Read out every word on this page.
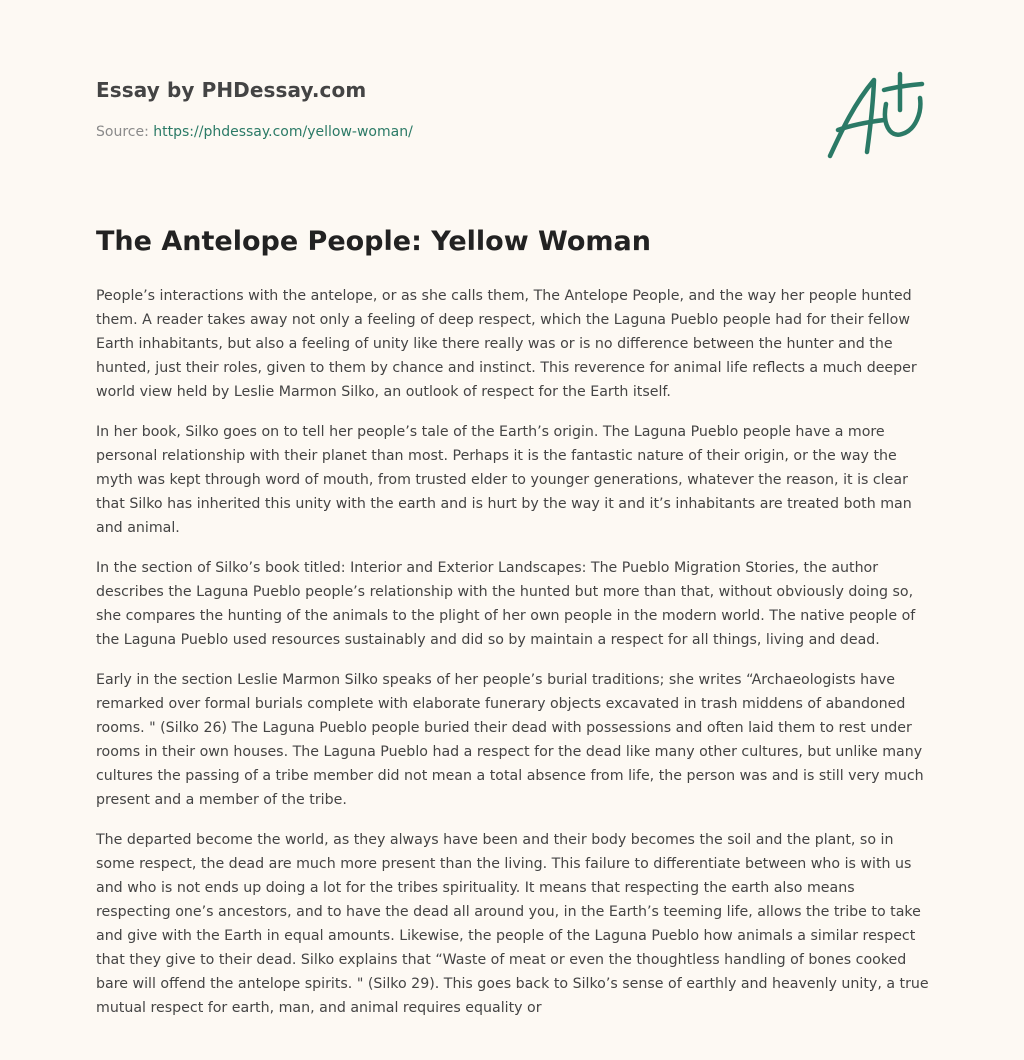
Essay by PHDessay.com
Source: https://phdessay.com/yellow-woman/
The Antelope People: Yellow Woman

People’s interactions with the antelope, or as she calls them, The Antelope People, and the way her people hunted them. A reader takes away not only a feeling of deep respect, which the Laguna Pueblo people had for their fellow Earth inhabitants, but also a feeling of unity like there really was or is no difference between the hunter and the hunted, just their roles, given to them by chance and instinct. This reverence for animal life reflects a much deeper world view held by Leslie Marmon Silko, an outlook of respect for the Earth itself.

In her book, Silko goes on to tell her people’s tale of the Earth’s origin. The Laguna Pueblo people have a more personal relationship with their planet than most. Perhaps it is the fantastic nature of their origin, or the way the myth was kept through word of mouth, from trusted elder to younger generations, whatever the reason, it is clear that Silko has inherited this unity with the earth and is hurt by the way it and it’s inhabitants are treated both man and animal.

In the section of Silko’s book titled: Interior and Exterior Landscapes: The Pueblo Migration Stories, the author describes the Laguna Pueblo people’s relationship with the hunted but more than that, without obviously doing so, she compares the hunting of the animals to the plight of her own people in the modern world. The native people of the Laguna Pueblo used resources sustainably and did so by maintain a respect for all things, living and dead.

Early in the section Leslie Marmon Silko speaks of her people’s burial traditions; she writes “Archaeologists have remarked over formal burials complete with elaborate funerary objects excavated in trash middens of abandoned rooms. " (Silko 26) The Laguna Pueblo people buried their dead with possessions and often laid them to rest under rooms in their own houses. The Laguna Pueblo had a respect for the dead like many other cultures, but unlike many cultures the passing of a tribe member did not mean a total absence from life, the person was and is still very much present and a member of the tribe.

The departed become the world, as they always have been and their body becomes the soil and the plant, so in some respect, the dead are much more present than the living. This failure to differentiate between who is with us and who is not ends up doing a lot for the tribes spirituality. It means that respecting the earth also means respecting one’s ancestors, and to have the dead all around you, in the Earth’s teeming life, allows the tribe to take and give with the Earth in equal amounts. Likewise, the people of the Laguna Pueblo how animals a similar respect that they give to their dead. Silko explains that “Waste of meat or even the thoughtless handling of bones cooked bare will offend the antelope spirits. " (Silko 29). This goes back to Silko’s sense of earthly and heavenly unity, a true mutual respect for earth, man, and animal requires equality or
